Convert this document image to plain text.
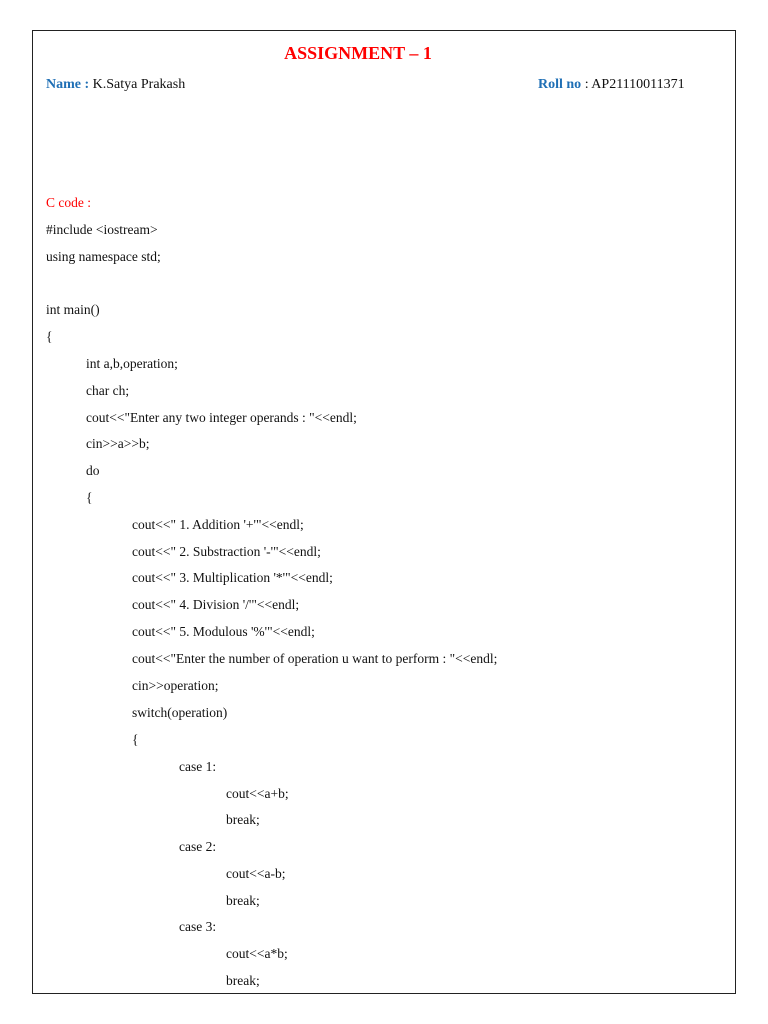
ASSIGNMENT – 1
Name : K.Satya Prakash	Roll no : AP21110011371
C code :
#include <iostream>
using namespace std;
int main()
{
int a,b,operation;
char ch;
cout<<"Enter any two integer operands : "<<endl;
cin>>a>>b;
do
{
cout<<" 1. Addition '+'"<<endl;
cout<<" 2. Substraction '-'"<<endl;
cout<<" 3. Multiplication '*'"<<endl;
cout<<" 4. Division '/'"<<endl;
cout<<" 5. Modulous '%'"<<endl;
cout<<"Enter the number of operation u want to perform : "<<endl;
cin>>operation;
switch(operation)
{
case 1:
cout<<a+b;
break;
case 2:
cout<<a-b;
break;
case 3:
cout<<a*b;
break;
